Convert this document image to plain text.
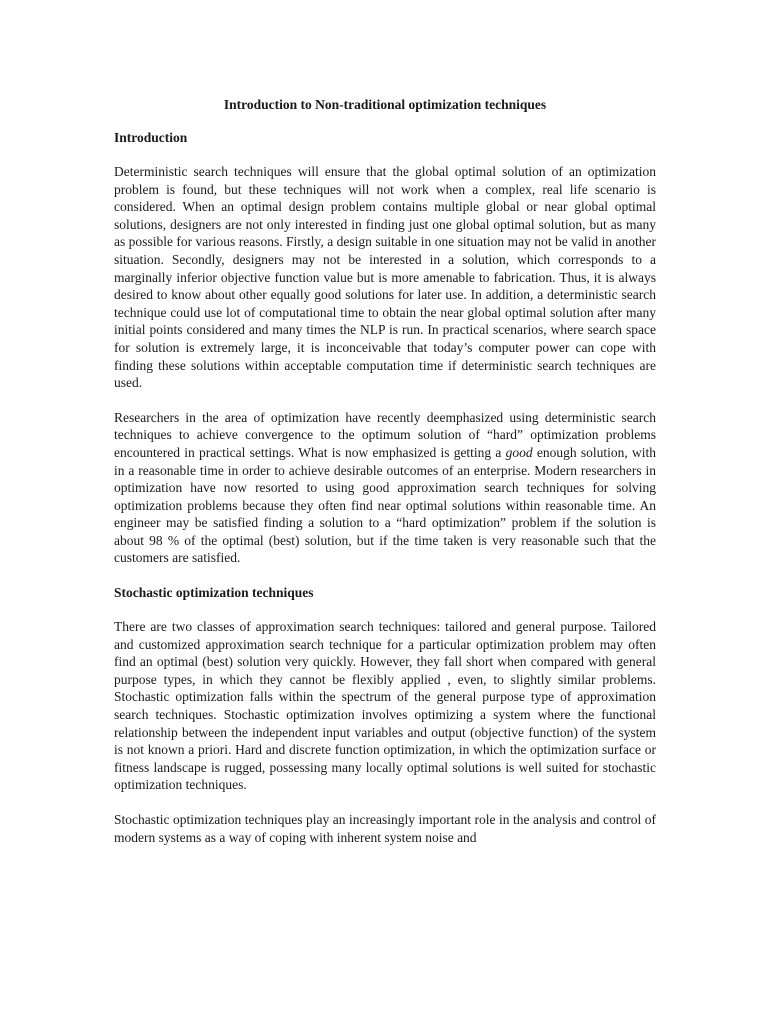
Introduction to Non-traditional optimization techniques
Introduction

Deterministic search techniques will ensure that the global optimal solution of an optimization problem is found, but these techniques will not work when a complex, real life scenario is considered. When an optimal design problem contains multiple global or near global optimal solutions, designers are not only interested in finding just one global optimal solution, but as many as possible for various reasons. Firstly, a design suitable in one situation may not be valid in another situation. Secondly, designers may not be interested in a solution, which corresponds to a marginally inferior objective function value but is more amenable to fabrication. Thus, it is always desired to know about other equally good solutions for later use. In addition, a deterministic search technique could use lot of computational time to obtain the near global optimal solution after many initial points considered and many times the NLP is run. In practical scenarios, where search space for solution is extremely large, it is inconceivable that today’s computer power can cope with finding these solutions within acceptable computation time if deterministic search techniques are used.

Researchers in the area of optimization have recently deemphasized using deterministic search techniques to achieve convergence to the optimum solution of “hard” optimization problems encountered in practical settings. What is now emphasized is getting a good enough solution, with in a reasonable time in order to achieve desirable outcomes of an enterprise. Modern researchers in optimization have now resorted to using good approximation search techniques for solving optimization problems because they often find near optimal solutions within reasonable time. An engineer may be satisfied finding a solution to a “hard optimization” problem if the solution is about 98 % of the optimal (best) solution, but if the time taken is very reasonable such that the customers are satisfied.

Stochastic optimization techniques

There are two classes of approximation search techniques: tailored and general purpose. Tailored and customized approximation search technique for a particular optimization problem may often find an optimal (best) solution very quickly. However, they fall short when compared with general purpose types, in which they cannot be flexibly applied , even, to slightly similar problems. Stochastic optimization falls within the spectrum of the general purpose type of approximation search techniques. Stochastic optimization involves optimizing a system where the functional relationship between the independent input variables and output (objective function) of the system is not known a priori. Hard and discrete function optimization, in which the optimization surface or fitness landscape is rugged, possessing many locally optimal solutions is well suited for stochastic optimization techniques.

Stochastic optimization techniques play an increasingly important role in the analysis and control of modern systems as a way of coping with inherent system noise and
